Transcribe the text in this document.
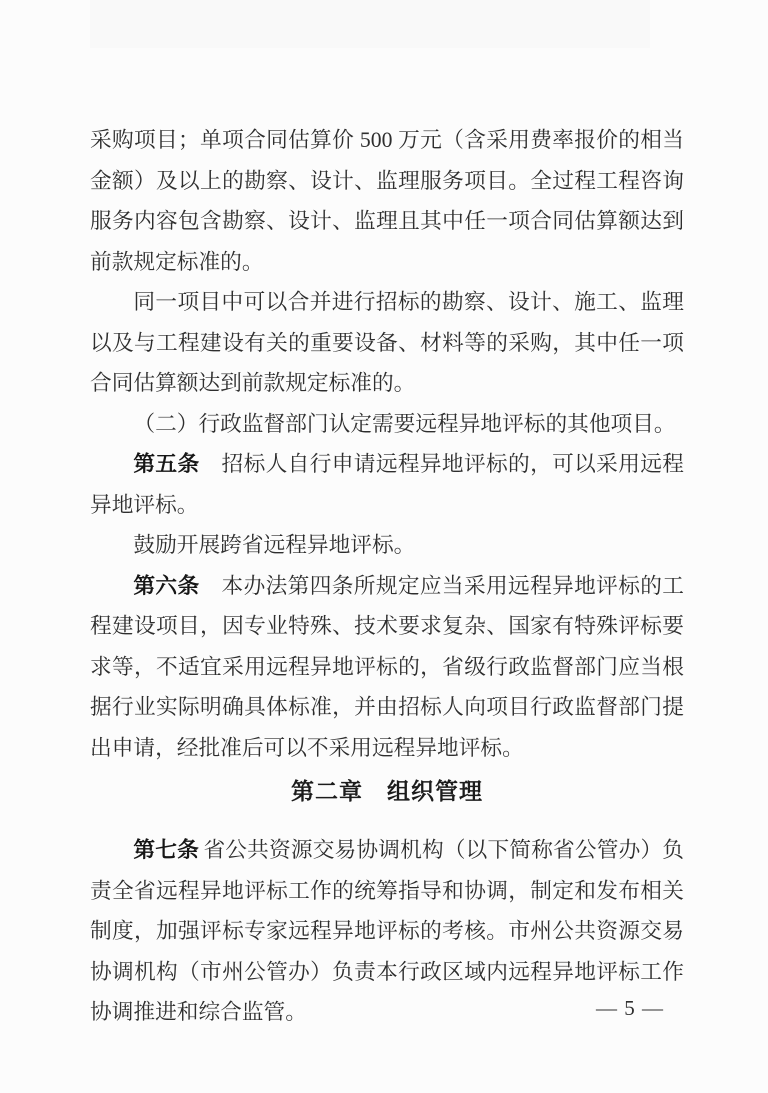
采购项目；单项合同估算价 500 万元（含采用费率报价的相当金额）及以上的勘察、设计、监理服务项目。全过程工程咨询服务内容包含勘察、设计、监理且其中任一项合同估算额达到前款规定标准的。

同一项目中可以合并进行招标的勘察、设计、施工、监理以及与工程建设有关的重要设备、材料等的采购，其中任一项合同估算额达到前款规定标准的。

（二）行政监督部门认定需要远程异地评标的其他项目。

第五条　招标人自行申请远程异地评标的，可以采用远程异地评标。

鼓励开展跨省远程异地评标。

第六条　本办法第四条所规定应当采用远程异地评标的工程建设项目，因专业特殊、技术要求复杂、国家有特殊评标要求等，不适宜采用远程异地评标的，省级行政监督部门应当根据行业实际明确具体标准，并由招标人向项目行政监督部门提出申请，经批准后可以不采用远程异地评标。

第二章　组织管理

第七条 省公共资源交易协调机构（以下简称省公管办）负责全省远程异地评标工作的统筹指导和协调，制定和发布相关制度，加强评标专家远程异地评标的考核。市州公共资源交易协调机构（市州公管办）负责本行政区域内远程异地评标工作协调推进和综合监管。	— 5 —
